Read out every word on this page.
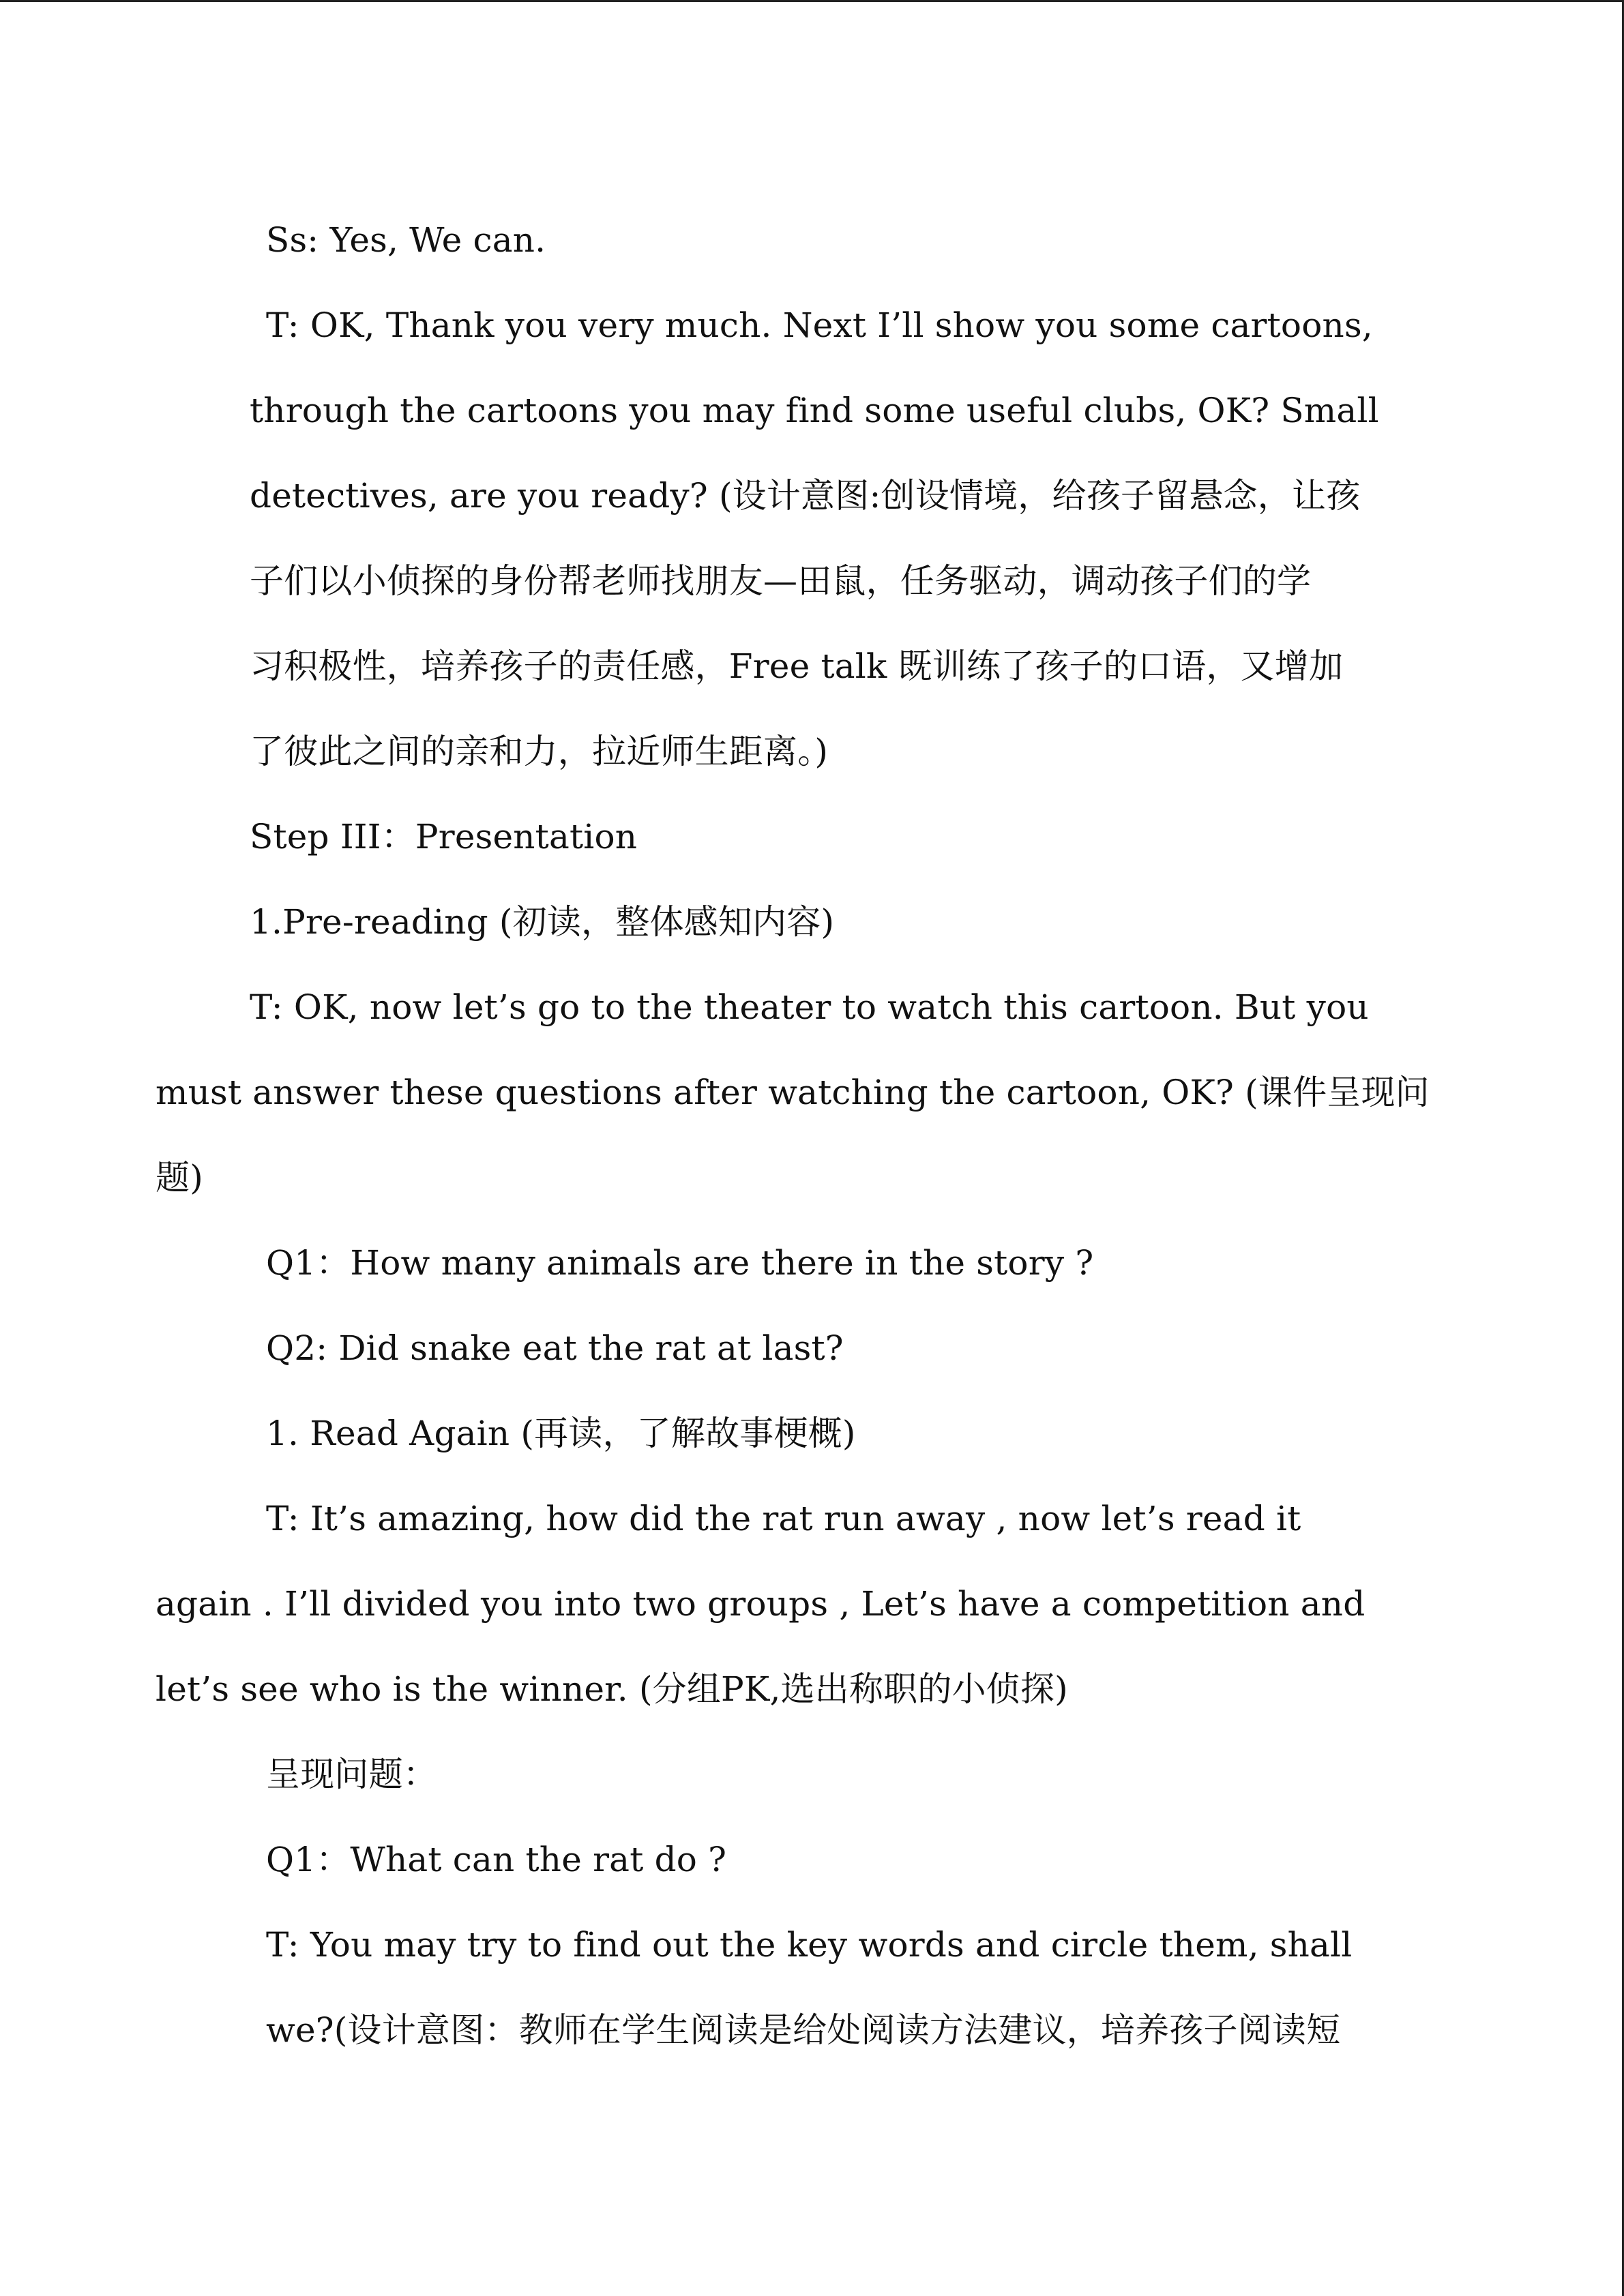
Ss: Yes, We can.
T: OK, Thank you very much. Next I’ll show you some cartoons,
through the cartoons you may find some useful clubs, OK? Small
detectives, are you ready? (设计意图:创设情境，给孩子留悬念，让孩
子们以小侦探的身份帮老师找朋友—田鼠，任务驱动，调动孩子们的学
习积极性，培养孩子的责任感，Free talk 既训练了孩子的口语，又增加
了彼此之间的亲和力，拉近师生距离。)
Step III：Presentation
1.Pre-reading (初读，整体感知内容)
T: OK, now let’s go to the theater to watch this cartoon. But you
must answer these questions after watching the cartoon, OK? (课件呈现问
题)
Q1：How many animals are there in the story ?
Q2: Did snake eat the rat at last?
1. Read Again (再读，了解故事梗概)
T: It’s amazing, how did the rat run away , now let’s read it
again . I’ll divided you into two groups , Let’s have a competition and
let’s see who is the winner. (分组PK,选出称职的小侦探)
呈现问题：
Q1：What can the rat do ?
T: You may try to find out the key words and circle them, shall
we?(设计意图：教师在学生阅读是给处阅读方法建议，培养孩子阅读短
